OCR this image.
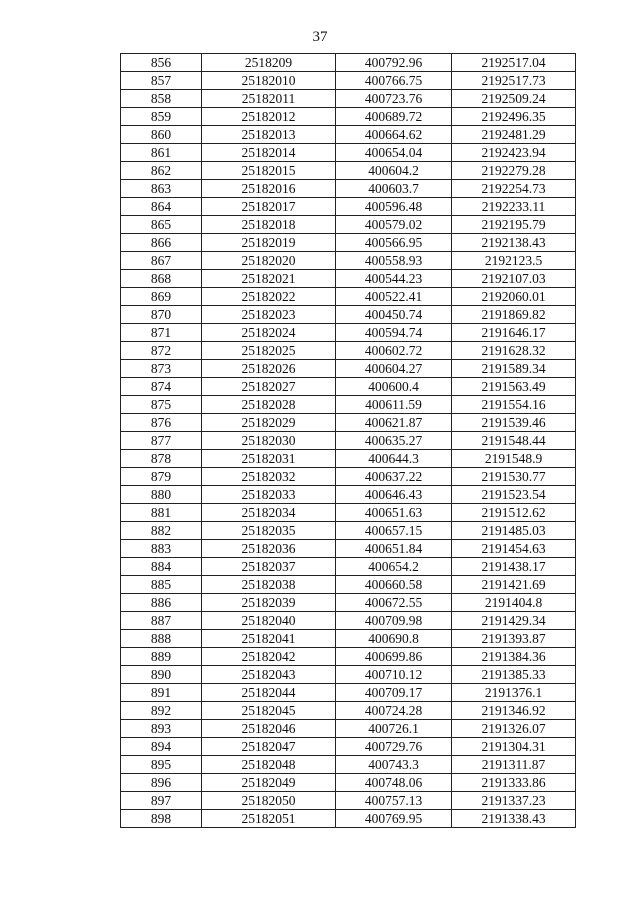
37
856	2518209	400792.96	2192517.04
857	25182010	400766.75	2192517.73
858	25182011	400723.76	2192509.24
859	25182012	400689.72	2192496.35
860	25182013	400664.62	2192481.29
861	25182014	400654.04	2192423.94
862	25182015	400604.2	2192279.28
863	25182016	400603.7	2192254.73
864	25182017	400596.48	2192233.11
865	25182018	400579.02	2192195.79
866	25182019	400566.95	2192138.43
867	25182020	400558.93	2192123.5
868	25182021	400544.23	2192107.03
869	25182022	400522.41	2192060.01
870	25182023	400450.74	2191869.82
871	25182024	400594.74	2191646.17
872	25182025	400602.72	2191628.32
873	25182026	400604.27	2191589.34
874	25182027	400600.4	2191563.49
875	25182028	400611.59	2191554.16
876	25182029	400621.87	2191539.46
877	25182030	400635.27	2191548.44
878	25182031	400644.3	2191548.9
879	25182032	400637.22	2191530.77
880	25182033	400646.43	2191523.54
881	25182034	400651.63	2191512.62
882	25182035	400657.15	2191485.03
883	25182036	400651.84	2191454.63
884	25182037	400654.2	2191438.17
885	25182038	400660.58	2191421.69
886	25182039	400672.55	2191404.8
887	25182040	400709.98	2191429.34
888	25182041	400690.8	2191393.87
889	25182042	400699.86	2191384.36
890	25182043	400710.12	2191385.33
891	25182044	400709.17	2191376.1
892	25182045	400724.28	2191346.92
893	25182046	400726.1	2191326.07
894	25182047	400729.76	2191304.31
895	25182048	400743.3	2191311.87
896	25182049	400748.06	2191333.86
897	25182050	400757.13	2191337.23
898	25182051	400769.95	2191338.43
